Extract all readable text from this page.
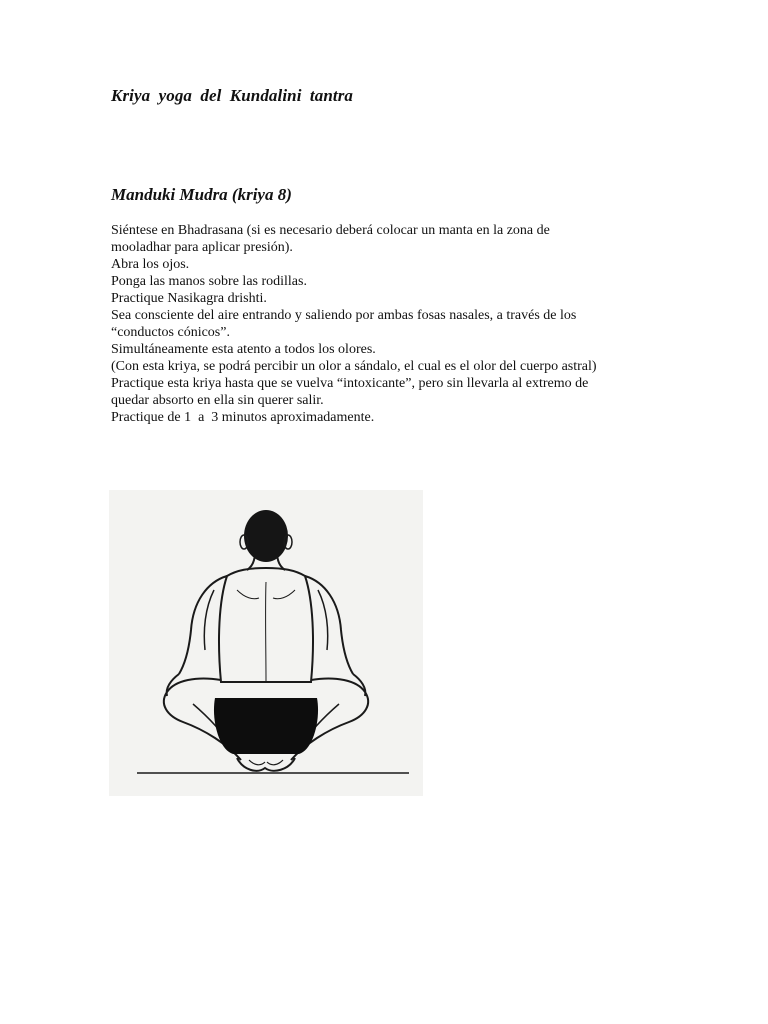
Kriya yoga del Kundalini tantra
Manduki Mudra (kriya 8)
Siéntese en Bhadrasana (si es necesario deberá colocar un manta en la zona de
mooladhar para aplicar presión).
Abra los ojos.
Ponga las manos sobre las rodillas.
Practique Nasikagra drishti.
Sea consciente del aire entrando y saliendo por ambas fosas nasales, a través de los
“conductos cónicos”.
Simultáneamente esta atento a todos los olores.
(Con esta kriya, se podrá percibir un olor a sándalo, el cual es el olor del cuerpo astral)
Practique esta kriya hasta que se vuelva “intoxicante”, pero sin llevarla al extremo de
quedar absorto en ella sin querer salir.
Practique de 1  a  3 minutos aproximadamente.
